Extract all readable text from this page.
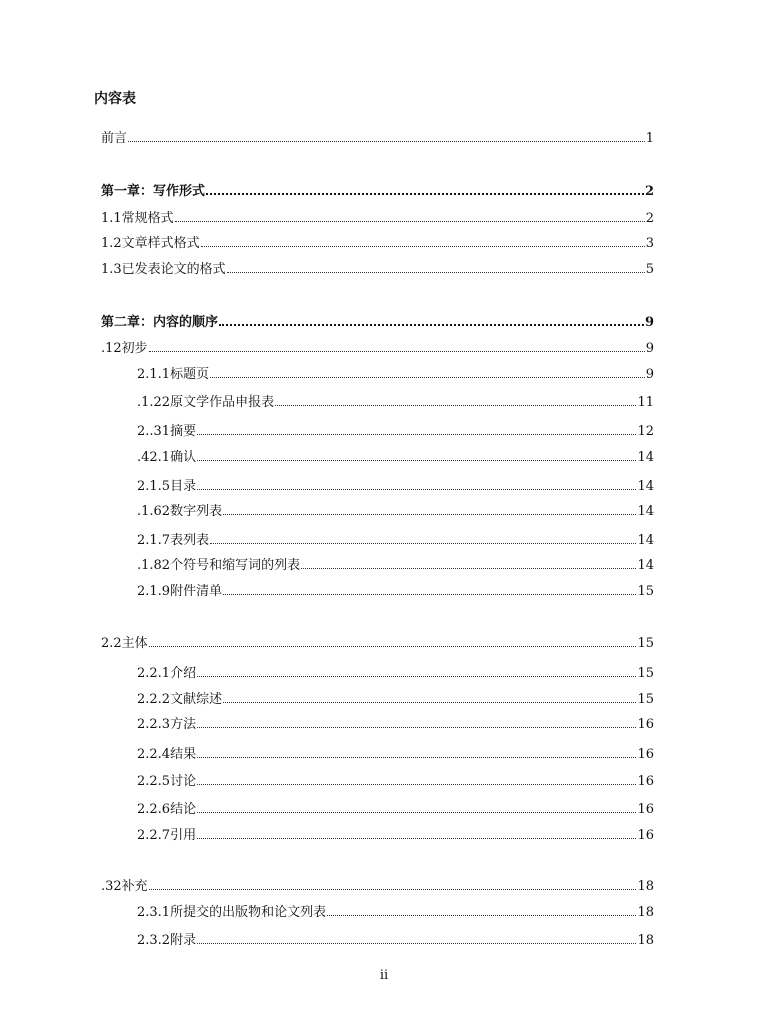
内容表
前言	1
第一章：写作形式	2
1.1常规格式	2
1.2文章样式格式	3
1.3已发表论文的格式	5
第二章：内容的顺序	9
.12初步	9
2.1.1标题页	9
.1.22原文学作品申报表	11
2..31摘要	12
.42.1确认	14
2.1.5目录	14
.1.62数字列表	14
2.1.7表列表	14
.1.82个符号和缩写词的列表	14
2.1.9附件清单	15
2.2主体	15
2.2.1介绍	15
2.2.2文献综述	15
2.2.3方法	16
2.2.4结果	16
2.2.5讨论	16
2.2.6结论	16
2.2.7引用	16
.32补充	18
2.3.1所提交的出版物和论文列表	18
2.3.2附录	18
ii
